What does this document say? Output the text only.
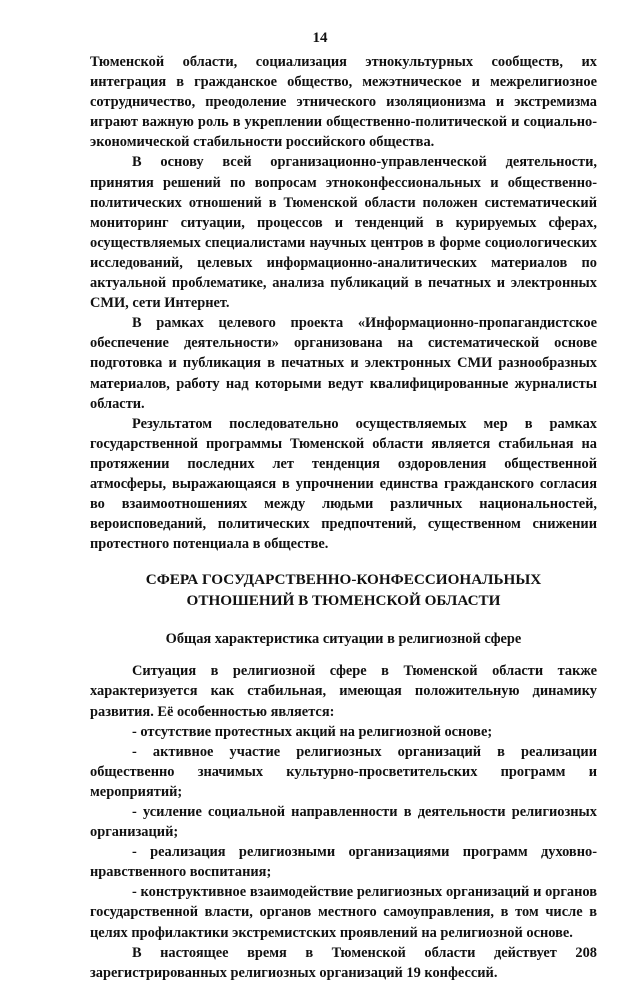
14

Тюменской области, социализация этнокультурных сообществ, их интеграция в гражданское общество, межэтническое и межрелигиозное сотрудничество, преодоление этнического изоляционизма и экстремизма играют важную роль в укреплении общественно-политической и социально-экономической стабильности российского общества.

В основу всей организационно-управленческой деятельности, принятия решений по вопросам этноконфессиональных и общественно-политических отношений в Тюменской области положен систематический мониторинг ситуации, процессов и тенденций в курируемых сферах, осуществляемых специалистами научных центров в форме социологических исследований, целевых информационно-аналитических материалов по актуальной проблематике, анализа публикаций в печатных и электронных СМИ, сети Интернет.

В рамках целевого проекта «Информационно-пропагандистское обеспечение деятельности» организована на систематической основе подготовка и публикация в печатных и электронных СМИ разнообразных материалов, работу над которыми ведут квалифицированные журналисты области.

Результатом последовательно осуществляемых мер в рамках государственной программы Тюменской области является стабильная на протяжении последних лет тенденция оздоровления общественной атмосферы, выражающаяся в упрочнении единства гражданского согласия во взаимоотношениях между людьми различных национальностей, вероисповеданий, политических предпочтений, существенном снижении протестного потенциала в обществе.

СФЕРА ГОСУДАРСТВЕННО-КОНФЕССИОНАЛЬНЫХ
ОТНОШЕНИЙ В ТЮМЕНСКОЙ ОБЛАСТИ
Общая характеристика ситуации в религиозной сфере

Ситуация в религиозной сфере в Тюменской области также характеризуется как стабильная, имеющая положительную динамику развития. Её особенностью является:

- отсутствие протестных акций на религиозной основе;

- активное участие религиозных организаций в реализации общественно значимых культурно-просветительских программ и мероприятий;

- усиление социальной направленности в деятельности религиозных организаций;

- реализация религиозными организациями программ духовно-нравственного воспитания;

- конструктивное взаимодействие религиозных организаций и органов государственной власти, органов местного самоуправления, в том числе в целях профилактики экстремистских проявлений на религиозной основе.

В настоящее время в Тюменской области действует 208 зарегистрированных религиозных организаций 19 конфессий.
